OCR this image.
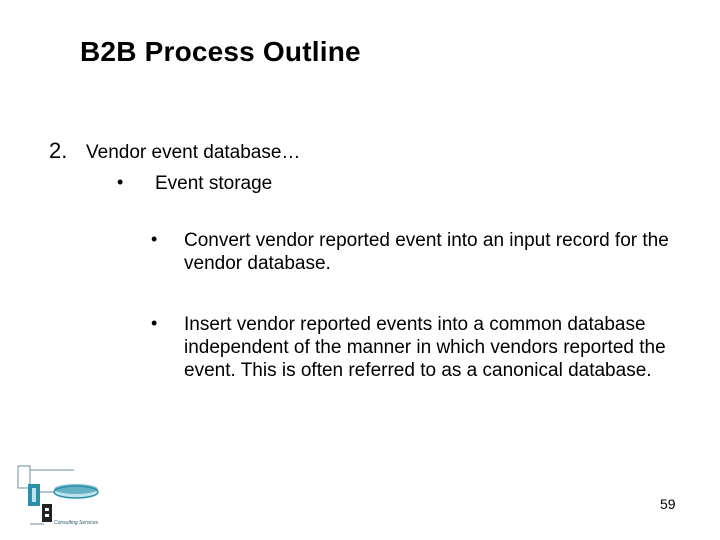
B2B Process Outline
2. Vendor event database…
• Event storage
• Convert vendor reported event into an input record for the vendor database.
• Insert vendor reported events into a common database independent of the manner in which vendors reported the event. This is often referred to as a canonical database.
59
Consulting Services
